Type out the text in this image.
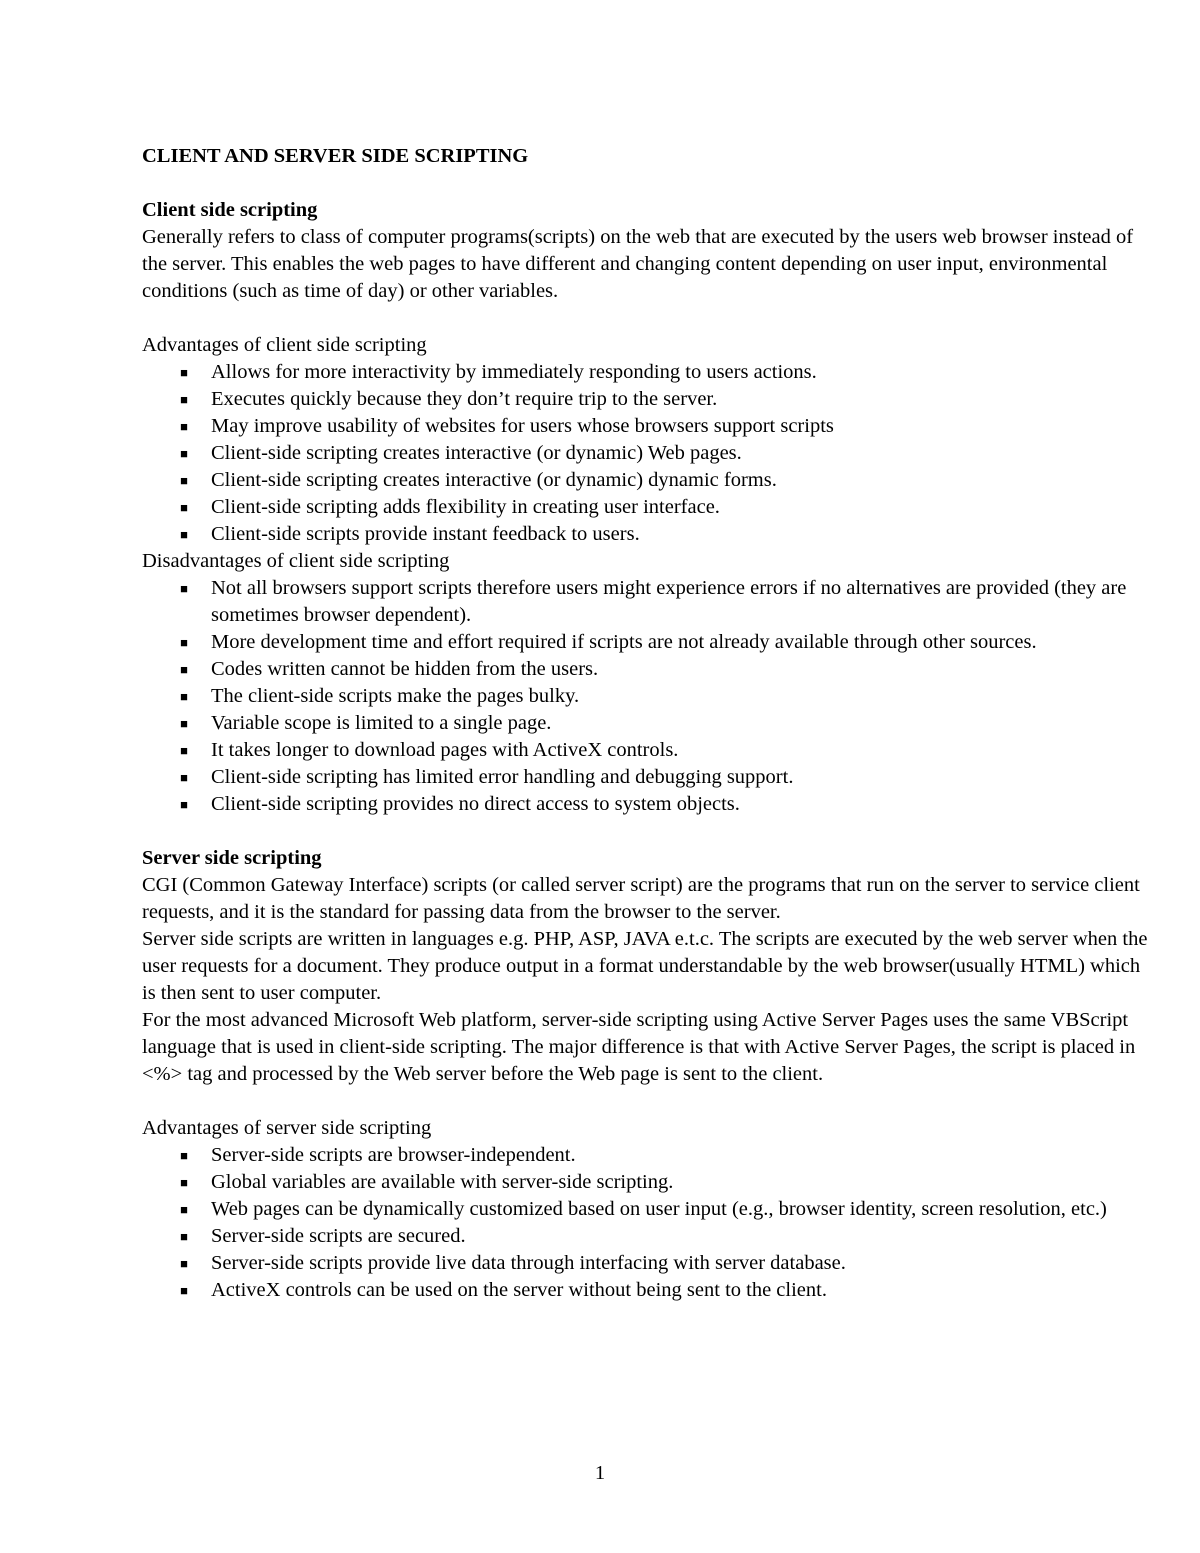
CLIENT AND SERVER SIDE SCRIPTING

Client side scripting

Generally refers to class of computer programs(scripts) on the web that are executed by the users web browser instead of the server. This enables the web pages to have different and changing content depending on user input, environmental conditions (such as time of day) or other variables.

Advantages of client side scripting

■ Allows for more interactivity by immediately responding to users actions.
■ Executes quickly because they don’t require trip to the server.
■ May improve usability of websites for users whose browsers support scripts
■ Client-side scripting creates interactive (or dynamic) Web pages.
■ Client-side scripting creates interactive (or dynamic) dynamic forms.
■ Client-side scripting adds flexibility in creating user interface.
■ Client-side scripts provide instant feedback to users.

Disadvantages of client side scripting

■ Not all browsers support scripts therefore users might experience errors if no alternatives are provided (they are sometimes browser dependent).
■ More development time and effort required if scripts are not already available through other sources.
■ Codes written cannot be hidden from the users.
■ The client-side scripts make the pages bulky.
■ Variable scope is limited to a single page.
■ It takes longer to download pages with ActiveX controls.
■ Client-side scripting has limited error handling and debugging support.
■ Client-side scripting provides no direct access to system objects.

Server side scripting

CGI (Common Gateway Interface) scripts (or called server script) are the programs that run on the server to service client requests, and it is the standard for passing data from the browser to the server.

Server side scripts are written in languages e.g. PHP, ASP, JAVA e.t.c. The scripts are executed by the web server when the user requests for a document. They produce output in a format understandable by the web browser(usually HTML) which is then sent to user computer.

For the most advanced Microsoft Web platform, server-side scripting using Active Server Pages uses the same VBScript language that is used in client-side scripting. The major difference is that with Active Server Pages, the script is placed in <%> tag and processed by the Web server before the Web page is sent to the client.

Advantages of server side scripting

■ Server-side scripts are browser-independent.
■ Global variables are available with server-side scripting.
■ Web pages can be dynamically customized based on user input (e.g., browser identity, screen resolution, etc.)
■ Server-side scripts are secured.
■ Server-side scripts provide live data through interfacing with server database.
■ ActiveX controls can be used on the server without being sent to the client.
1
